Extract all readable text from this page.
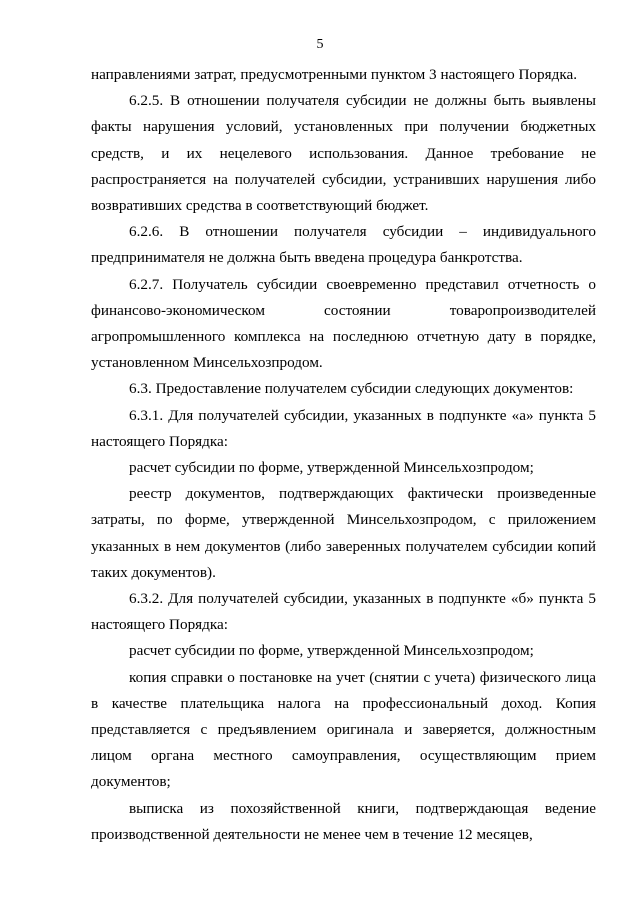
5

направлениями затрат, предусмотренными пунктом 3 настоящего Порядка.

6.2.5. В отношении получателя субсидии не должны быть выявлены факты нарушения условий, установленных при получении бюджетных средств, и их нецелевого использования. Данное требование не распространяется на получателей субсидии, устранивших нарушения либо возвративших средства в соответствующий бюджет.

6.2.6. В отношении получателя субсидии – индивидуального предпринимателя не должна быть введена процедура банкротства.

6.2.7. Получатель субсидии своевременно представил отчетность о финансово-экономическом состоянии товаропроизводителей агропромышленного комплекса на последнюю отчетную дату в порядке, установленном Минсельхозпродом.

6.3. Предоставление получателем субсидии следующих документов:

6.3.1. Для получателей субсидии, указанных в подпункте «а» пункта 5 настоящего Порядка:

расчет субсидии по форме, утвержденной Минсельхозпродом;

реестр документов, подтверждающих фактически произведенные затраты, по форме, утвержденной Минсельхозпродом, с приложением указанных в нем документов (либо заверенных получателем субсидии копий таких документов).

6.3.2. Для получателей субсидии, указанных в подпункте «б» пункта 5 настоящего Порядка:

расчет субсидии по форме, утвержденной Минсельхозпродом;

копия справки о постановке на учет (снятии с учета) физического лица в качестве плательщика налога на профессиональный доход. Копия представляется с предъявлением оригинала и заверяется, должностным лицом органа местного самоуправления, осуществляющим прием документов;

выписка из похозяйственной книги, подтверждающая ведение производственной деятельности не менее чем в течение 12 месяцев,
